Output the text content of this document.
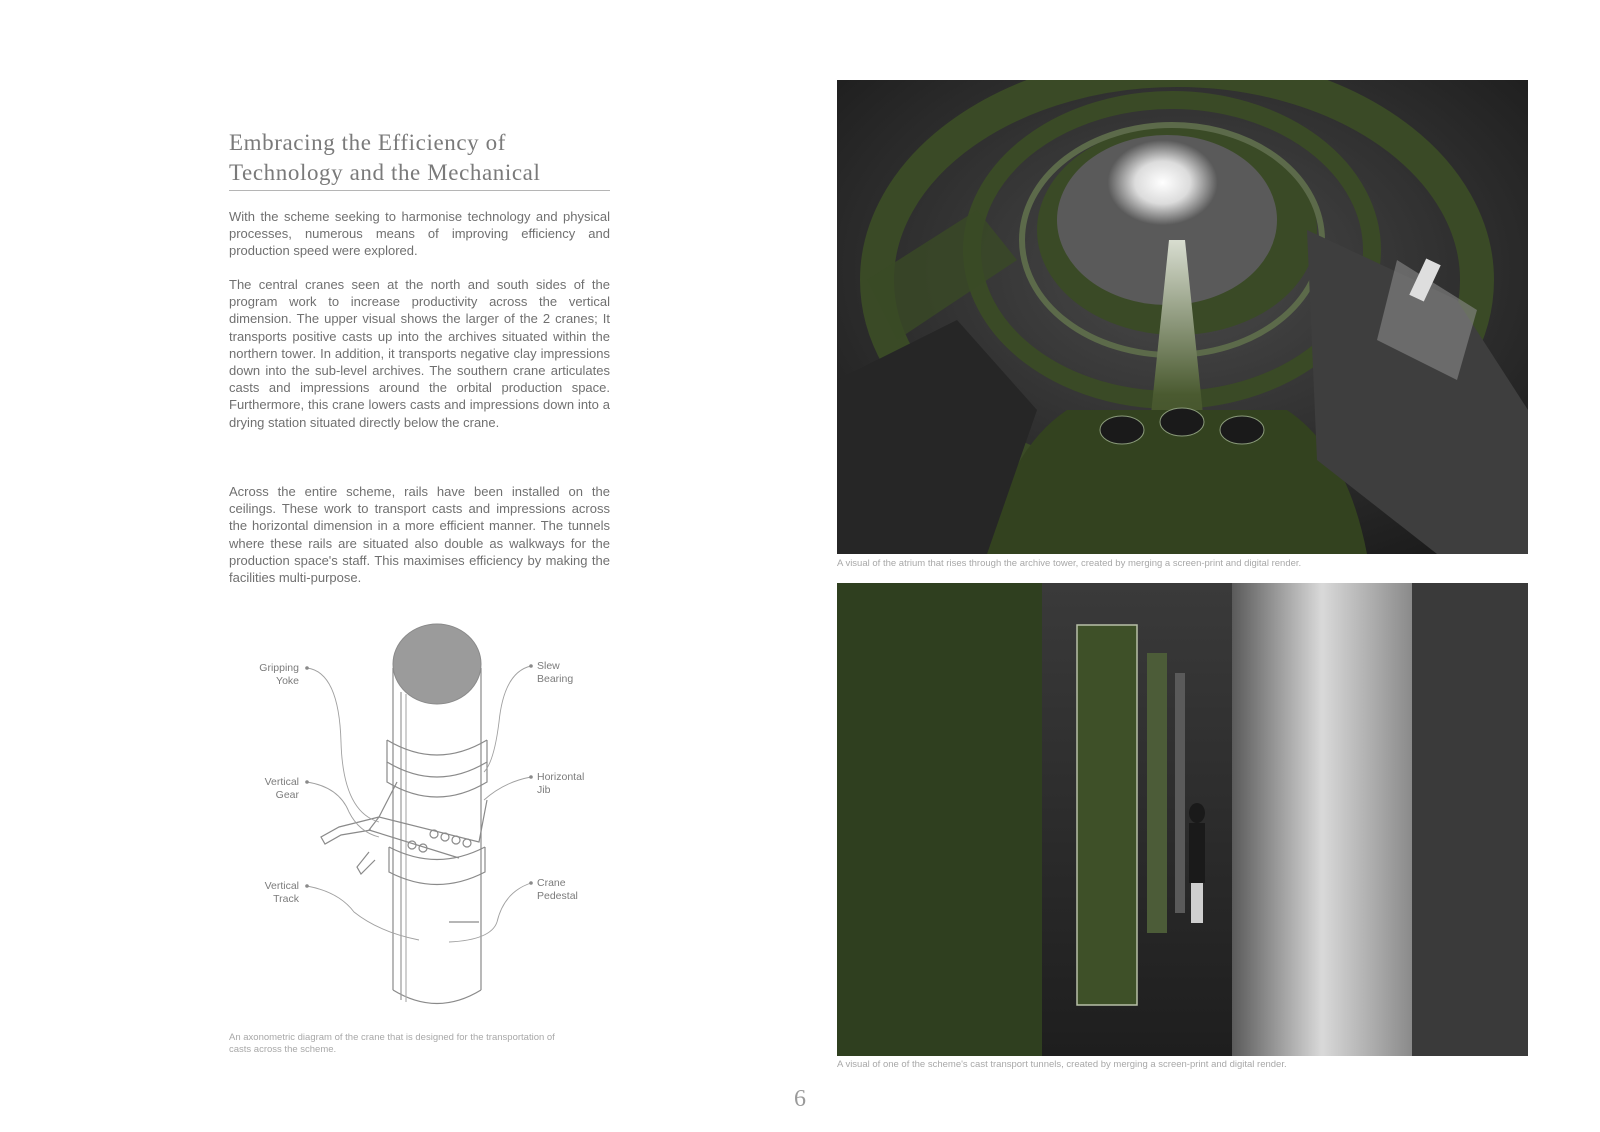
Embracing the Efficiency of
Technology and the Mechanical

With the scheme seeking to harmonise technology and physical processes, numerous means of improving efficiency and production speed were explored.

The central cranes seen at the north and south sides of the program work to increase productivity across the vertical dimension. The upper visual shows the larger of the 2 cranes; It transports positive casts up into the archives situated within the northern tower. In addition, it transports negative clay impressions down into the sub-level archives. The southern crane articulates casts and impressions around the orbital production space. Furthermore, this crane lowers casts and impressions down into a drying station situated directly below the crane.

Across the entire scheme, rails have been installed on the ceilings. These work to transport casts and impressions across the horizontal dimension in a more efficient manner. The tunnels where these rails are situated also double as walkways for the production space's staff. This maximises efficiency by making the facilities multi-purpose.

Gripping
Yoke
Vertical
Gear
Vertical
Track
Slew
Bearing
Horizontal
Jib
Crane
Pedestal

An axonometric diagram of the crane that is designed for the transportation of casts across the scheme.

A visual of the atrium that rises through the archive tower, created by merging a screen-print and digital render.

A visual of one of the scheme's cast transport tunnels, created by merging a screen-print and digital render.

6
